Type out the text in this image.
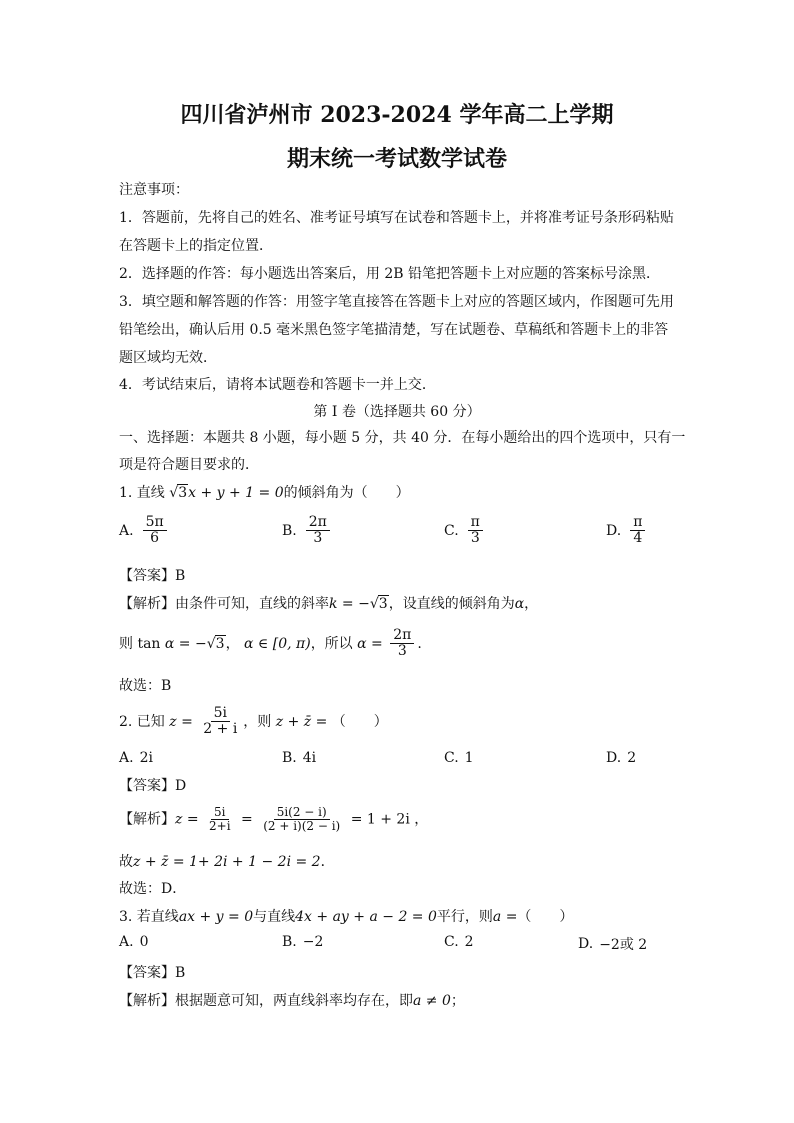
四川省泸州市 2023-2024 学年高二上学期
期末统一考试数学试卷
注意事项：
1．答题前，先将自己的姓名、准考证号填写在试卷和答题卡上，并将准考证号条形码粘贴
在答题卡上的指定位置．
2．选择题的作答：每小题选出答案后，用 2B 铅笔把答题卡上对应题的答案标号涂黑．
3．填空题和解答题的作答：用签字笔直接答在答题卡上对应的答题区域内，作图题可先用
铅笔绘出，确认后用 0.5 毫米黑色签字笔描清楚，写在试题卷、草稿纸和答题卡上的非答
题区域均无效．
4．考试结束后，请将本试题卷和答题卡一并上交．
第 I 卷（选择题共 60 分）
一、选择题：本题共 8 小题，每小题 5 分，共 40 分．在每小题给出的四个选项中，只有一
项是符合题目要求的．
1. 直线 √3x + y + 1 = 0的倾斜角为（　　）
A. $\frac{5\pi}{6}$	B. $\frac{2\pi}{3}$	C. $\frac{\pi}{3}$	D. $\frac{\pi}{4}$
【答案】B
【解析】由条件可知，直线的斜率k = −√3，设直线的倾斜角为α，
则 tan α = −√3， α ∈ [0, π)，所以 $\alpha = \frac{2\pi}{3}$ .
故选：B
2. 已知 $z = \frac{5i}{2 + i}$ ，则 z + z̄ = （　　）
A. 2i	B. 4i	C. 1	D. 2
【答案】D
【解析】$z = \frac{5i}{2+i} = \frac{5i(2 - i)}{(2 + i)(2 - i)} = 1 + 2i$ ，
故z + z̄ = 1+ 2i + 1 − 2i = 2．
故选：D．
3. 若直线ax + y = 0与直线4x + ay + a − 2 = 0平行，则a =（　　）
A. 0	B. −2	C. 2	D. −2或 2
【答案】B
【解析】根据题意可知，两直线斜率均存在，即a ≠ 0；
